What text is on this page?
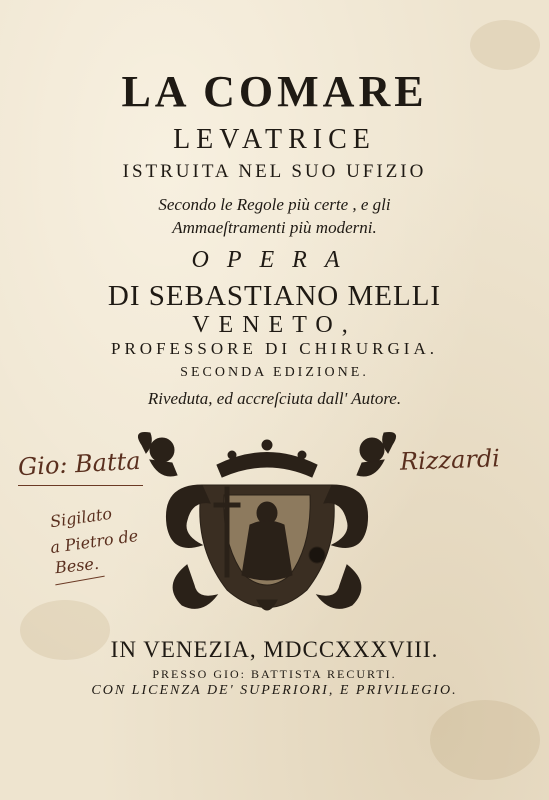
LA COMARE
LEVATRICE
ISTRUITA NEL SUO UFIZIO
Secondo le Regole più certe , e gli
Ammaeſtramenti più moderni.
OPERA
DI SEBASTIANO MELLI
VENETO,
PROFESSORE DI CHIRURGIA.
SECONDA EDIZIONE.
Riveduta, ed accreſciuta dall' Autore.
Gio: Batta	Rizzardi
Sigilato
a Pietro de
Bese.
IN VENEZIA, MDCCXXXVIII.
PRESSO GIO: BATTISTA RECURTI.
CON LICENZA DE' SUPERIORI, E PRIVILEGIO.
